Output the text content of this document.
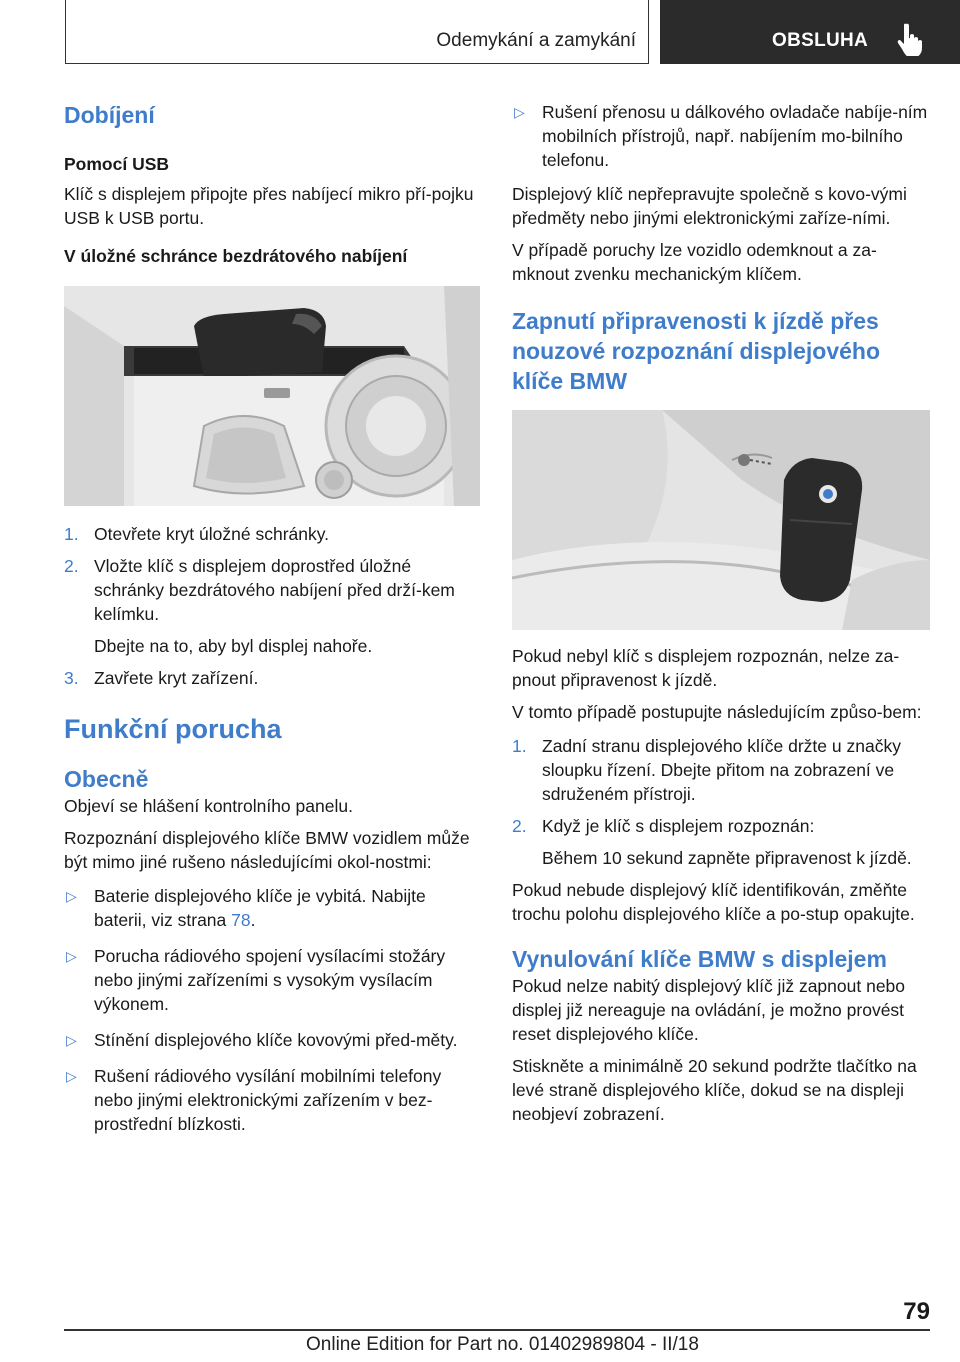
Odemykání a zamykání	OBSLUHA
Dobíjení
Pomocí USB

Klíč s displejem připojte přes nabíjecí mikro pří-pojku USB k USB portu.

V úložné schránce bezdrátového nabíjení
1. Otevřete kryt úložné schránky.
2. Vložte klíč s displejem doprostřed úložné schránky bezdrátového nabíjení před drží-kem kelímku.
Dbejte na to, aby byl displej nahoře.
3. Zavřete kryt zařízení.
Funkční porucha
Obecně

Objeví se hlášení kontrolního panelu.

Rozpoznání displejového klíče BMW vozidlem může být mimo jiné rušeno následujícími okol-nostmi:

▷ Baterie displejového klíče je vybitá. Nabijte baterii, viz strana 78.
▷ Porucha rádiového spojení vysílacími stožáry nebo jinými zařízeními s vysokým vysílacím výkonem.
▷ Stínění displejového klíče kovovými před-měty.
▷ Rušení rádiového vysílání mobilními telefony nebo jinými elektronickými zařízením v bez-prostřední blízkosti.
▷ Rušení přenosu u dálkového ovladače nabíje-ním mobilních přístrojů, např. nabíjením mo-bilního telefonu.

Displejový klíč nepřepravujte společně s kovo-vými předměty nebo jinými elektronickými zaříze-ními.

V případě poruchy lze vozidlo odemknout a za-mknout zvenku mechanickým klíčem.

Zapnutí připravenosti k jízdě přes nouzové rozpoznání displejového klíče BMW

Pokud nebyl klíč s displejem rozpoznán, nelze za-pnout připravenost k jízdě.

V tomto případě postupujte následujícím způso-bem:

1. Zadní stranu displejového klíče držte u značky sloupku řízení. Dbejte přitom na zobrazení ve sdruženém přístroji.
2. Když je klíč s displejem rozpoznán:
Během 10 sekund zapněte připravenost k jízdě.

Pokud nebude displejový klíč identifikován, změňte trochu polohu displejového klíče a po-stup opakujte.

Vynulování klíče BMW s displejem

Pokud nelze nabitý displejový klíč již zapnout nebo displej již nereaguje na ovládání, je možno provést reset displejového klíče.

Stiskněte a minimálně 20 sekund podržte tlačítko na levé straně displejového klíče, dokud se na displeji neobjeví zobrazení.

79
Online Edition for Part no. 01402989804 - II/18
